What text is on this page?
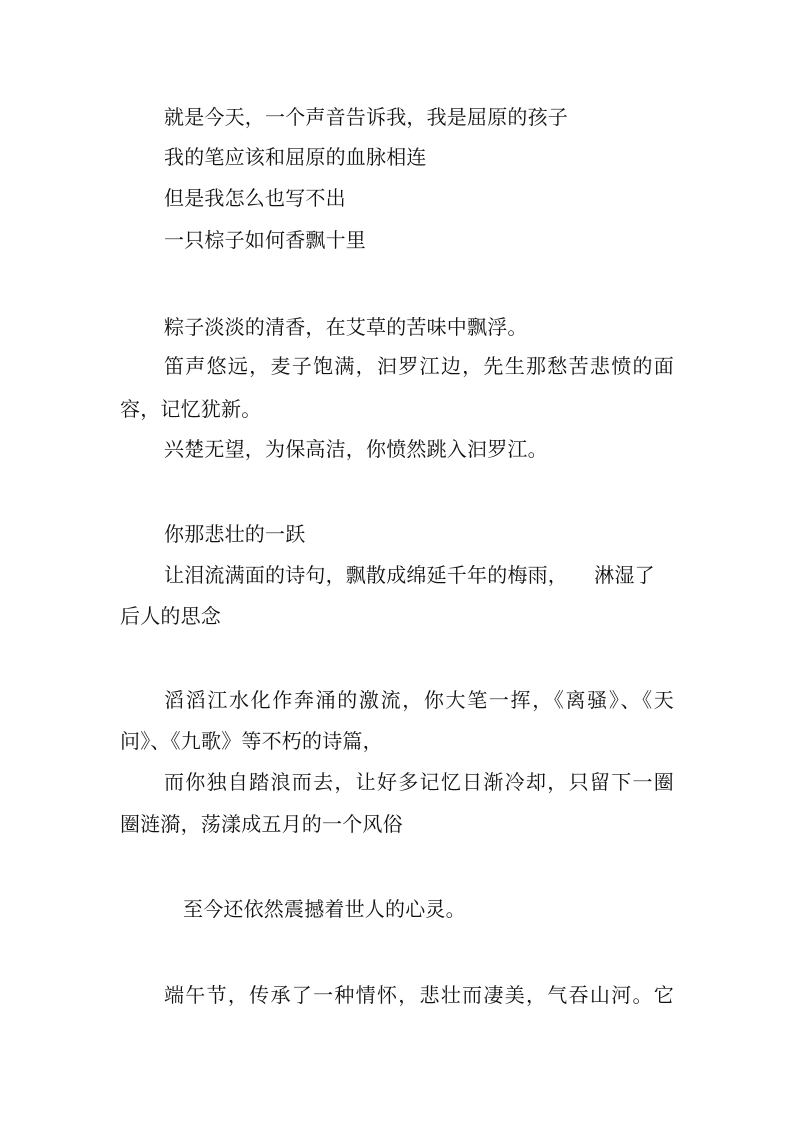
就是今天，一个声音告诉我，我是屈原的孩子

我的笔应该和屈原的血脉相连

但是我怎么也写不出

一只棕子如何香飘十里

粽子淡淡的清香，在艾草的苦味中飘浮。

笛声悠远，麦子饱满，汩罗江边，先生那愁苦悲愤的面

容，记忆犹新。

兴楚无望，为保高洁，你愤然跳入汩罗江。

你那悲壮的一跃

让泪流满面的诗句，飘散成绵延千年的梅雨，    淋湿了

后人的思念

滔滔江水化作奔涌的激流，你大笔一挥，《离骚》、《天

问》、《九歌》等不朽的诗篇，

而你独自踏浪而去，让好多记忆日渐冷却，只留下一圈

圈涟漪，荡漾成五月的一个风俗

至今还依然震撼着世人的心灵。

端午节，传承了一种情怀，悲壮而凄美，气吞山河。它
